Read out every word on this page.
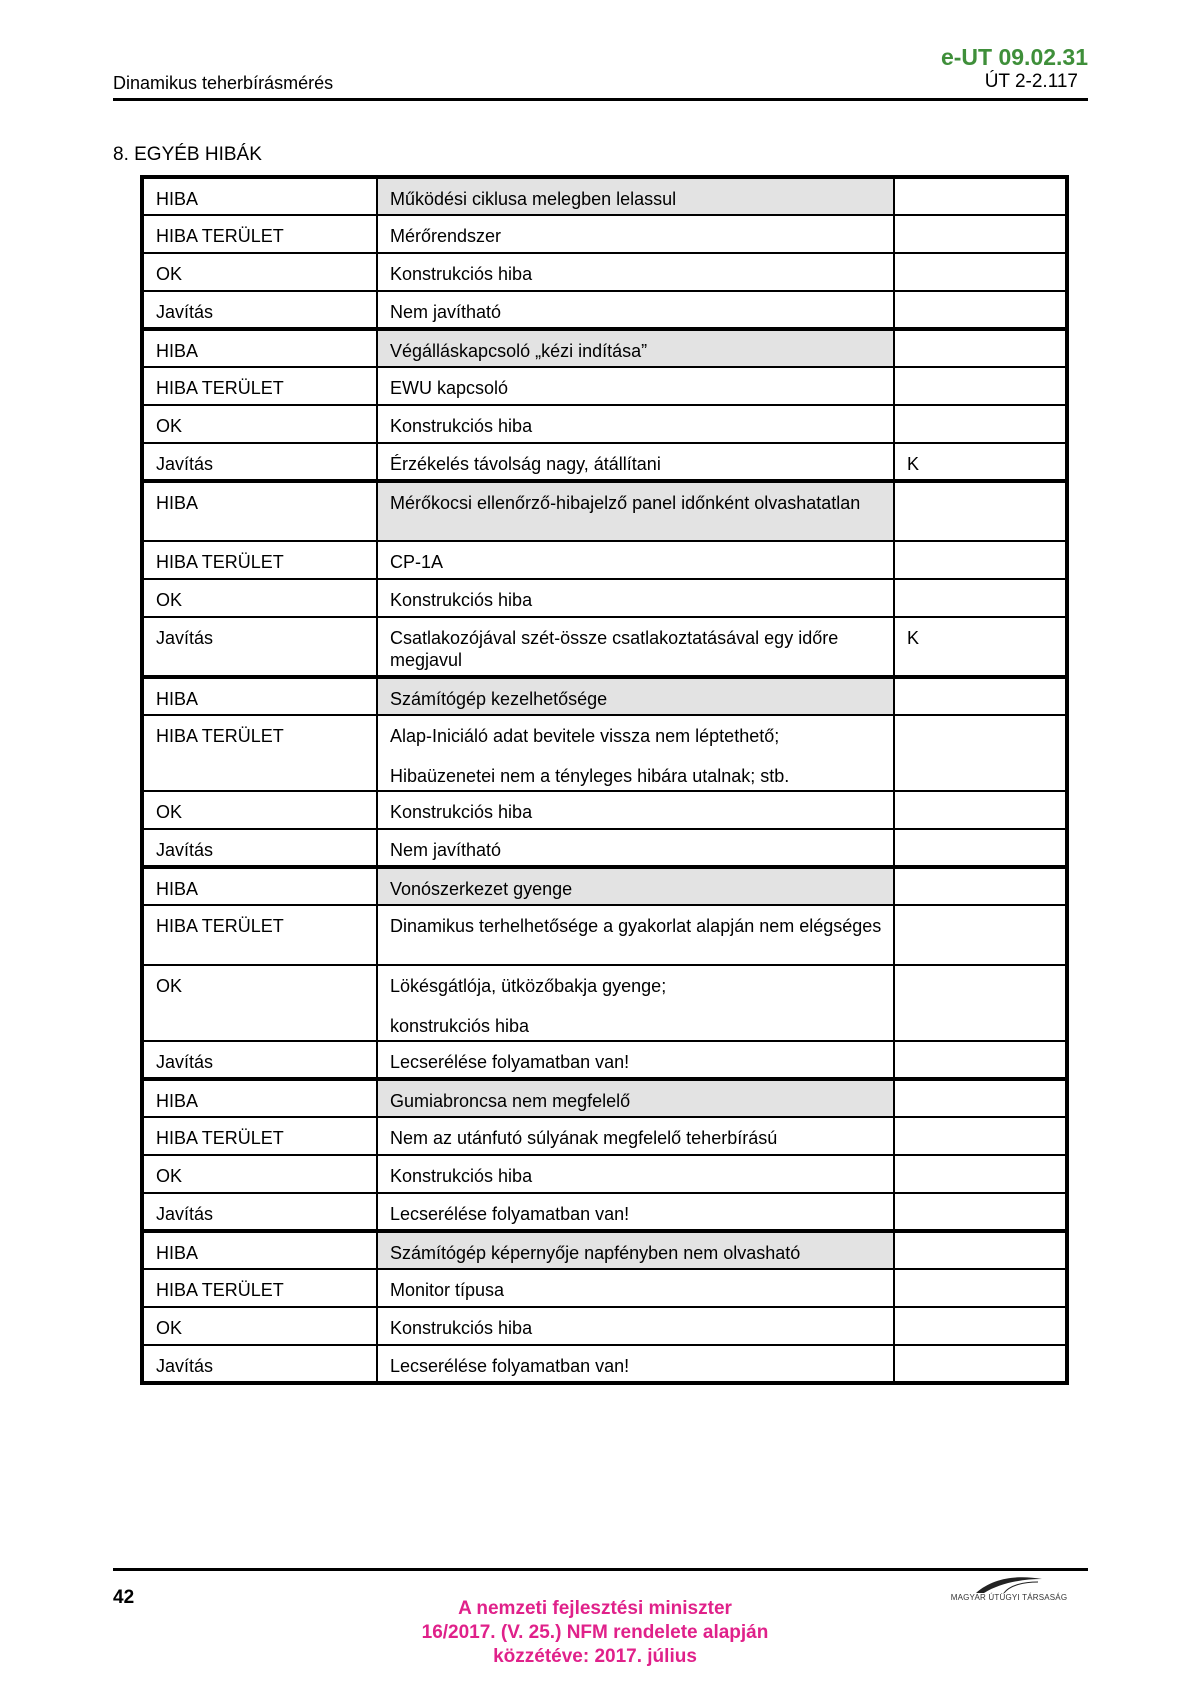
e-UT 09.02.31
ÚT 2-2.117
Dinamikus teherbírásmérés
8. EGYÉB HIBÁK
HIBA	Működési ciklusa melegben lelassul	

HIBA TERÜLET	Mérőrendszer	

OK	Konstrukciós hiba	

Javítás	Nem javítható	

HIBA	Végálláskapcsoló „kézi indítása”	

HIBA TERÜLET	EWU kapcsoló	

OK	Konstrukciós hiba	

Javítás	Érzékelés távolság nagy, átállítani	K

HIBA	Mérőkocsi ellenőrző-hibajelző panel időnként olvashatatlan	

HIBA TERÜLET	CP-1A	

OK	Konstrukciós hiba	

Javítás	Csatlakozójával szét-össze csatlakoztatásával egy időre megjavul	K

HIBA	Számítógép kezelhetősége	

HIBA TERÜLET	Alap-Iniciáló adat bevitele vissza nem léptethető;
Hibaüzenetei nem a tényleges hibára utalnak; stb.	

OK	Konstrukciós hiba	

Javítás	Nem javítható	

HIBA	Vonószerkezet gyenge	

HIBA TERÜLET	Dinamikus terhelhetősége a gyakorlat alapján nem elégséges	

OK	Lökésgátlója, ütközőbakja gyenge;
konstrukciós hiba	

Javítás	Lecserélése folyamatban van!	

HIBA	Gumiabroncsa nem megfelelő	

HIBA TERÜLET	Nem az utánfutó súlyának megfelelő teherbírású	

OK	Konstrukciós hiba	

Javítás	Lecserélése folyamatban van!	

HIBA	Számítógép képernyője napfényben nem olvasható	

HIBA TERÜLET	Monitor típusa	

OK	Konstrukciós hiba	

Javítás	Lecserélése folyamatban van!	

42
A nemzeti fejlesztési miniszter
16/2017. (V. 25.) NFM rendelete alapján
közzétéve: 2017. július
MAGYAR ÚTÜGYI TÁRSASÁG
